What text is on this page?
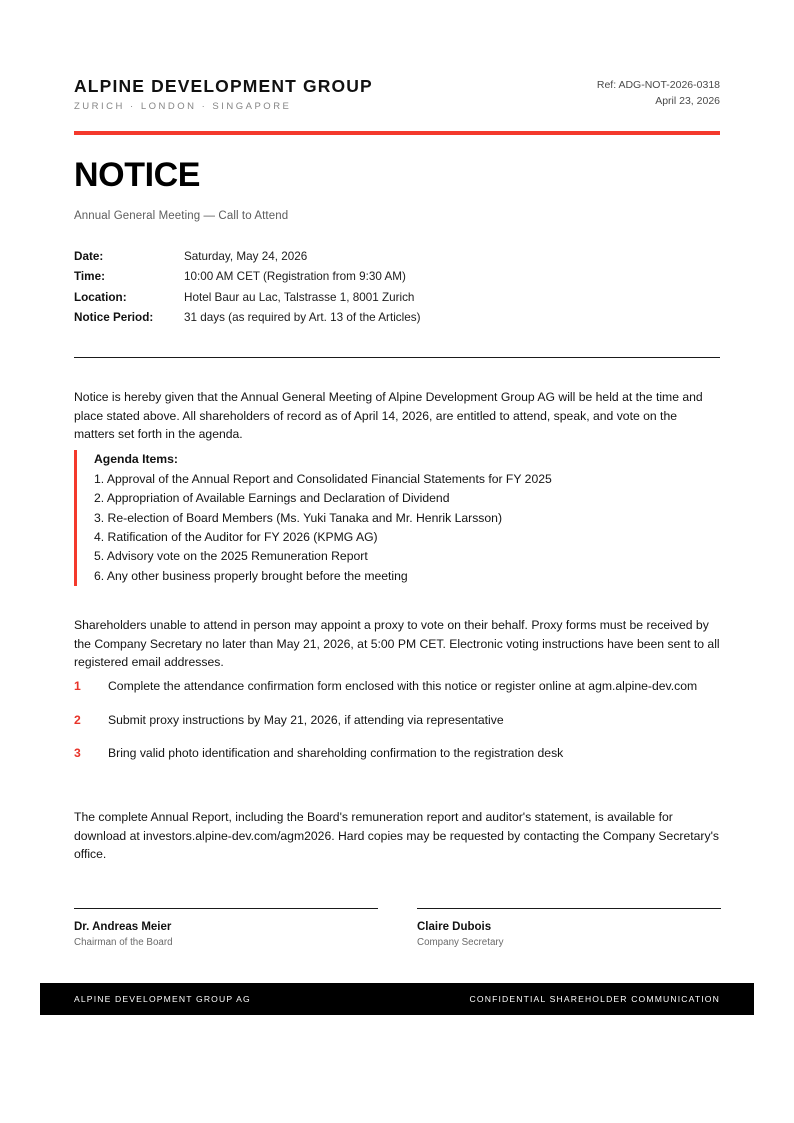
ALPINE DEVELOPMENT GROUP
ZURICH · LONDON · SINGAPORE
Ref: ADG-NOT-2026-0318
April 23, 2026
NOTICE
Annual General Meeting — Call to Attend
Date:	Saturday, May 24, 2026
Time:	10:00 AM CET (Registration from 9:30 AM)
Location:	Hotel Baur au Lac, Talstrasse 1, 8001 Zurich
Notice Period:	31 days (as required by Art. 13 of the Articles)

Notice is hereby given that the Annual General Meeting of Alpine Development Group AG will be held at the time and place stated above. All shareholders of record as of April 14, 2026, are entitled to attend, speak, and vote on the matters set forth in the agenda.

Agenda Items:
1. Approval of the Annual Report and Consolidated Financial Statements for FY 2025
2. Appropriation of Available Earnings and Declaration of Dividend
3. Re-election of Board Members (Ms. Yuki Tanaka and Mr. Henrik Larsson)
4. Ratification of the Auditor for FY 2026 (KPMG AG)
5. Advisory vote on the 2025 Remuneration Report
6. Any other business properly brought before the meeting

Shareholders unable to attend in person may appoint a proxy to vote on their behalf. Proxy forms must be received by the Company Secretary no later than May 21, 2026, at 5:00 PM CET. Electronic voting instructions have been sent to all registered email addresses.

1	Complete the attendance confirmation form enclosed with this notice or register online at agm.alpine-dev.com
2	Submit proxy instructions by May 21, 2026, if attending via representative
3	Bring valid photo identification and shareholding confirmation to the registration desk

The complete Annual Report, including the Board's remuneration report and auditor's statement, is available for download at investors.alpine-dev.com/agm2026. Hard copies may be requested by contacting the Company Secretary's office.

Dr. Andreas Meier
Chairman of the Board
Claire Dubois
Company Secretary
ALPINE DEVELOPMENT GROUP AG	CONFIDENTIAL SHAREHOLDER COMMUNICATION
